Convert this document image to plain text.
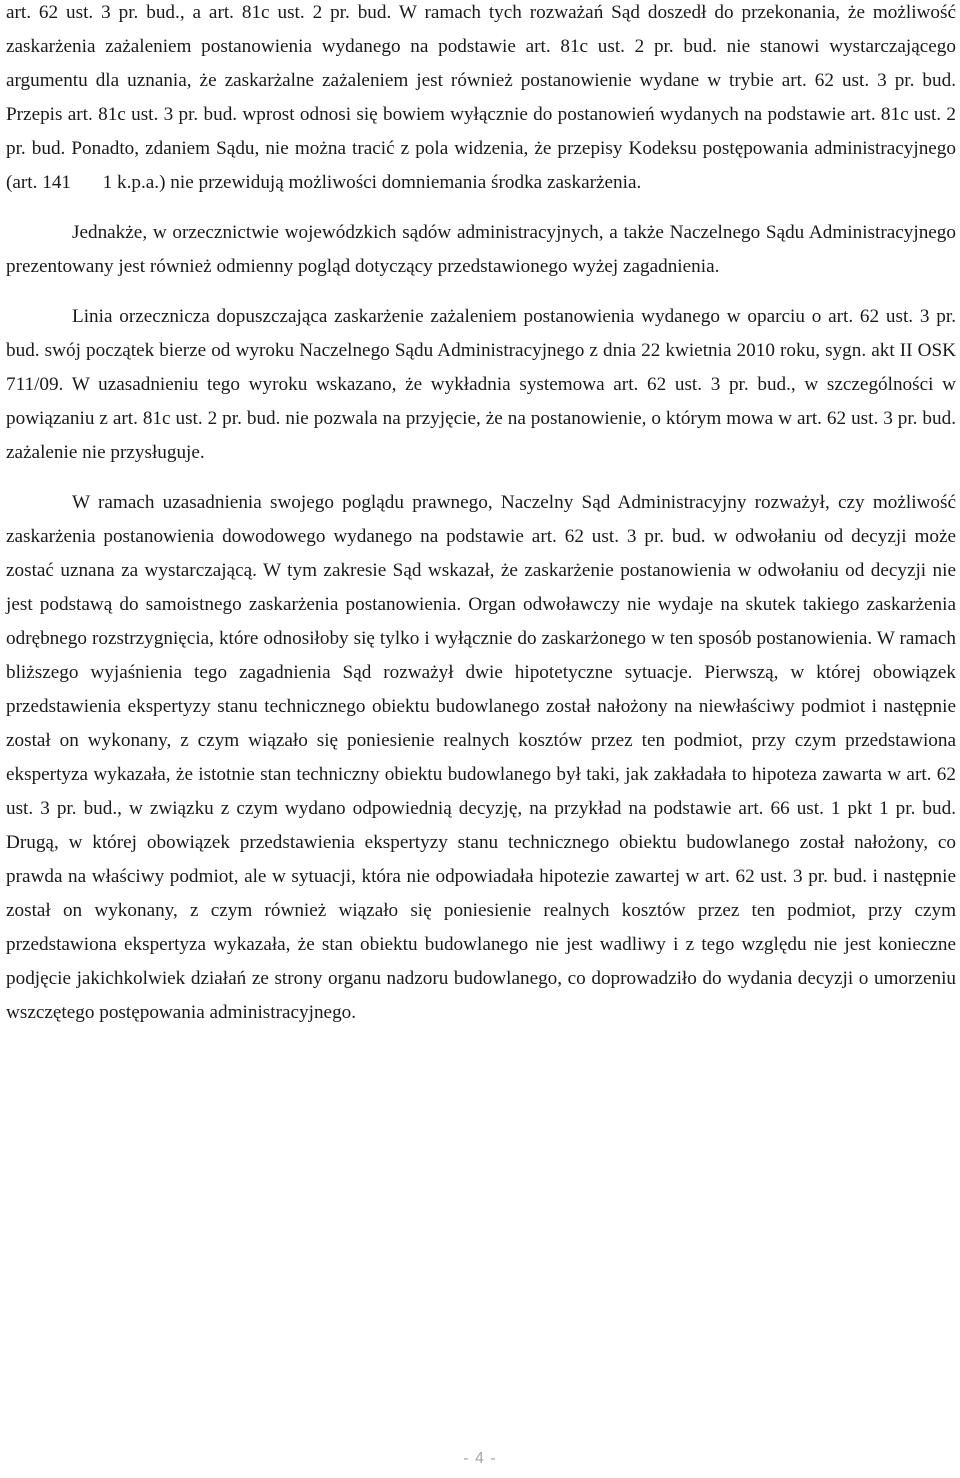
art. 62 ust. 3 pr. bud., a art. 81c ust. 2 pr. bud. W ramach tych rozważań Sąd doszedł do przekonania, że możliwość zaskarżenia zażaleniem postanowienia wydanego na podstawie art. 81c ust. 2 pr. bud. nie stanowi wystarczającego argumentu dla uznania, że zaskarżalne zażaleniem jest również postanowienie wydane w trybie art. 62 ust. 3 pr. bud. Przepis art. 81c ust. 3 pr. bud. wprost odnosi się bowiem wyłącznie do postanowień wydanych na podstawie art. 81c ust. 2 pr. bud. Ponadto, zdaniem Sądu, nie można tracić z pola widzenia, że przepisy Kodeksu postępowania administracyjnego (art. 141 1 k.p.a.) nie przewidują możliwości domniemania środka zaskarżenia.

Jednakże, w orzecznictwie wojewódzkich sądów administracyjnych, a także Naczelnego Sądu Administracyjnego prezentowany jest również odmienny pogląd dotyczący przedstawionego wyżej zagadnienia.

Linia orzecznicza dopuszczająca zaskarżenie zażaleniem postanowienia wydanego w oparciu o art. 62 ust. 3 pr. bud. swój początek bierze od wyroku Naczelnego Sądu Administracyjnego z dnia 22 kwietnia 2010 roku, sygn. akt II OSK 711/09. W uzasadnieniu tego wyroku wskazano, że wykładnia systemowa art. 62 ust. 3 pr. bud., w szczególności w powiązaniu z art. 81c ust. 2 pr. bud. nie pozwala na przyjęcie, że na postanowienie, o którym mowa w art. 62 ust. 3 pr. bud. zażalenie nie przysługuje.

W ramach uzasadnienia swojego poglądu prawnego, Naczelny Sąd Administracyjny rozważył, czy możliwość zaskarżenia postanowienia dowodowego wydanego na podstawie art. 62 ust. 3 pr. bud. w odwołaniu od decyzji może zostać uznana za wystarczającą. W tym zakresie Sąd wskazał, że zaskarżenie postanowienia w odwołaniu od decyzji nie jest podstawą do samoistnego zaskarżenia postanowienia. Organ odwoławczy nie wydaje na skutek takiego zaskarżenia odrębnego rozstrzygnięcia, które odnosiłoby się tylko i wyłącznie do zaskarżonego w ten sposób postanowienia. W ramach bliższego wyjaśnienia tego zagadnienia Sąd rozważył dwie hipotetyczne sytuacje. Pierwszą, w której obowiązek przedstawienia ekspertyzy stanu technicznego obiektu budowlanego został nałożony na niewłaściwy podmiot i następnie został on wykonany, z czym wiązało się poniesienie realnych kosztów przez ten podmiot, przy czym przedstawiona ekspertyza wykazała, że istotnie stan techniczny obiektu budowlanego był taki, jak zakładała to hipoteza zawarta w art. 62 ust. 3 pr. bud., w związku z czym wydano odpowiednią decyzję, na przykład na podstawie art. 66 ust. 1 pkt 1 pr. bud. Drugą, w której obowiązek przedstawienia ekspertyzy stanu technicznego obiektu budowlanego został nałożony, co prawda na właściwy podmiot, ale w sytuacji, która nie odpowiadała hipotezie zawartej w art. 62 ust. 3 pr. bud. i następnie został on wykonany, z czym również wiązało się poniesienie realnych kosztów przez ten podmiot, przy czym przedstawiona ekspertyza wykazała, że stan obiektu budowlanego nie jest wadliwy i z tego względu nie jest konieczne podjęcie jakichkolwiek działań ze strony organu nadzoru budowlanego, co doprowadziło do wydania decyzji o umorzeniu wszczętego postępowania administracyjnego.

- 4 -
